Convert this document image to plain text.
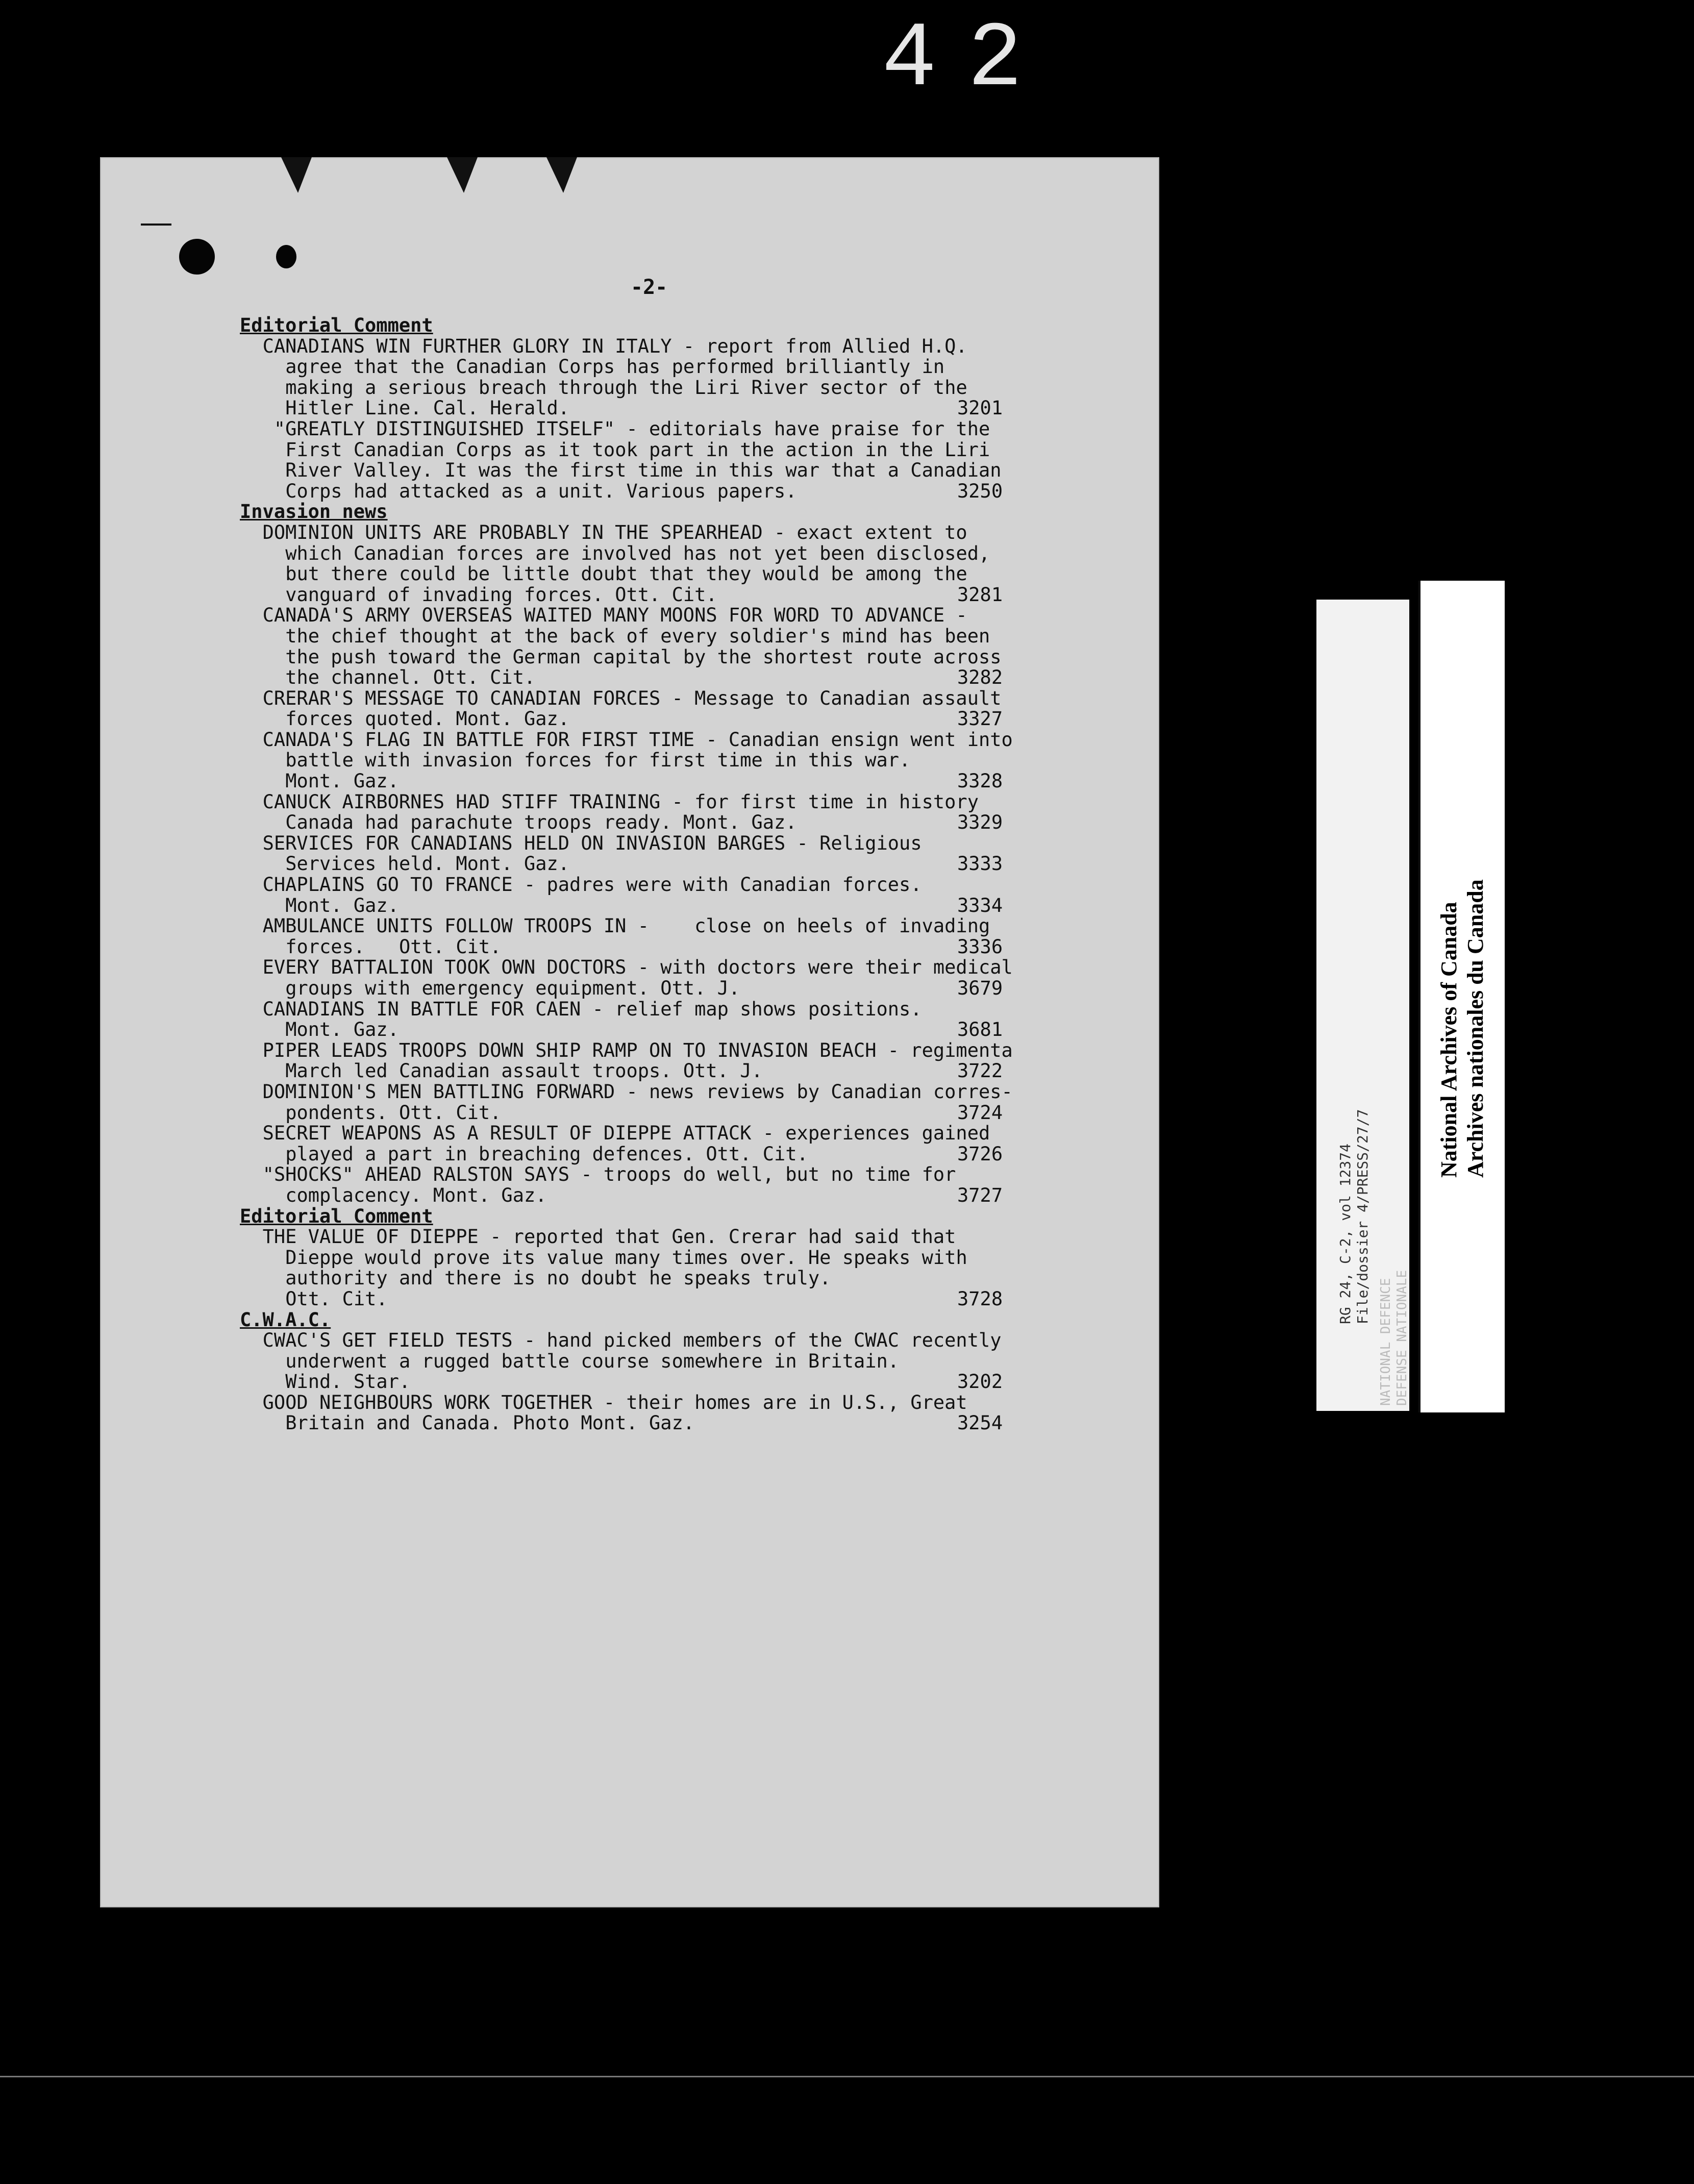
42
-2-
Editorial Comment
CANADIANS WIN FURTHER GLORY IN ITALY - report from Allied H.Q.
agree that the Canadian Corps has performed brilliantly in
making a serious breach through the Liri River sector of the
Hitler Line. Cal. Herald.	3201
"GREATLY DISTINGUISHED ITSELF" - editorials have praise for the
First Canadian Corps as it took part in the action in the Liri
River Valley. It was the first time in this war that a Canadian
Corps had attacked as a unit. Various papers.	3250
Invasion news
DOMINION UNITS ARE PROBABLY IN THE SPEARHEAD - exact extent to
which Canadian forces are involved has not yet been disclosed,
but there could be little doubt that they would be among the
vanguard of invading forces. Ott. Cit.	3281
CANADA'S ARMY OVERSEAS WAITED MANY MOONS FOR WORD TO ADVANCE -
the chief thought at the back of every soldier's mind has been
the push toward the German capital by the shortest route across
the channel. Ott. Cit.	3282
CRERAR'S MESSAGE TO CANADIAN FORCES - Message to Canadian assault
forces quoted. Mont. Gaz.	3327
CANADA'S FLAG IN BATTLE FOR FIRST TIME - Canadian ensign went into
battle with invasion forces for first time in this war.
Mont. Gaz.	3328
CANUCK AIRBORNES HAD STIFF TRAINING - for first time in history
Canada had parachute troops ready. Mont. Gaz.	3329
SERVICES FOR CANADIANS HELD ON INVASION BARGES - Religious
Services held. Mont. Gaz.	3333
CHAPLAINS GO TO FRANCE - padres were with Canadian forces.
Mont. Gaz.	3334
AMBULANCE UNITS FOLLOW TROOPS IN -    close on heels of invading
forces.   Ott. Cit.	3336
EVERY BATTALION TOOK OWN DOCTORS - with doctors were their medical
groups with emergency equipment. Ott. J.	3679
CANADIANS IN BATTLE FOR CAEN - relief map shows positions.
Mont. Gaz.	3681
PIPER LEADS TROOPS DOWN SHIP RAMP ON TO INVASION BEACH - regimenta
March led Canadian assault troops. Ott. J.	3722
DOMINION'S MEN BATTLING FORWARD - news reviews by Canadian corres-
pondents. Ott. Cit.	3724
SECRET WEAPONS AS A RESULT OF DIEPPE ATTACK - experiences gained
played a part in breaching defences. Ott. Cit.	3726
"SHOCKS" AHEAD RALSTON SAYS - troops do well, but no time for
complacency. Mont. Gaz.	3727
Editorial Comment
THE VALUE OF DIEPPE - reported that Gen. Crerar had said that
Dieppe would prove its value many times over. He speaks with
authority and there is no doubt he speaks truly.
Ott. Cit.	3728
C.W.A.C.
CWAC'S GET FIELD TESTS - hand picked members of the CWAC recently
underwent a rugged battle course somewhere in Britain.
Wind. Star.	3202
GOOD NEIGHBOURS WORK TOGETHER - their homes are in U.S., Great
Britain and Canada. Photo Mont. Gaz.	3254
RG 24, C-2, vol 12374 File/dossier 4/PRESS/27/7
NATIONAL DEFENCE DEFENSE NATIONALE
National Archives of Canada Archives nationales du Canada
